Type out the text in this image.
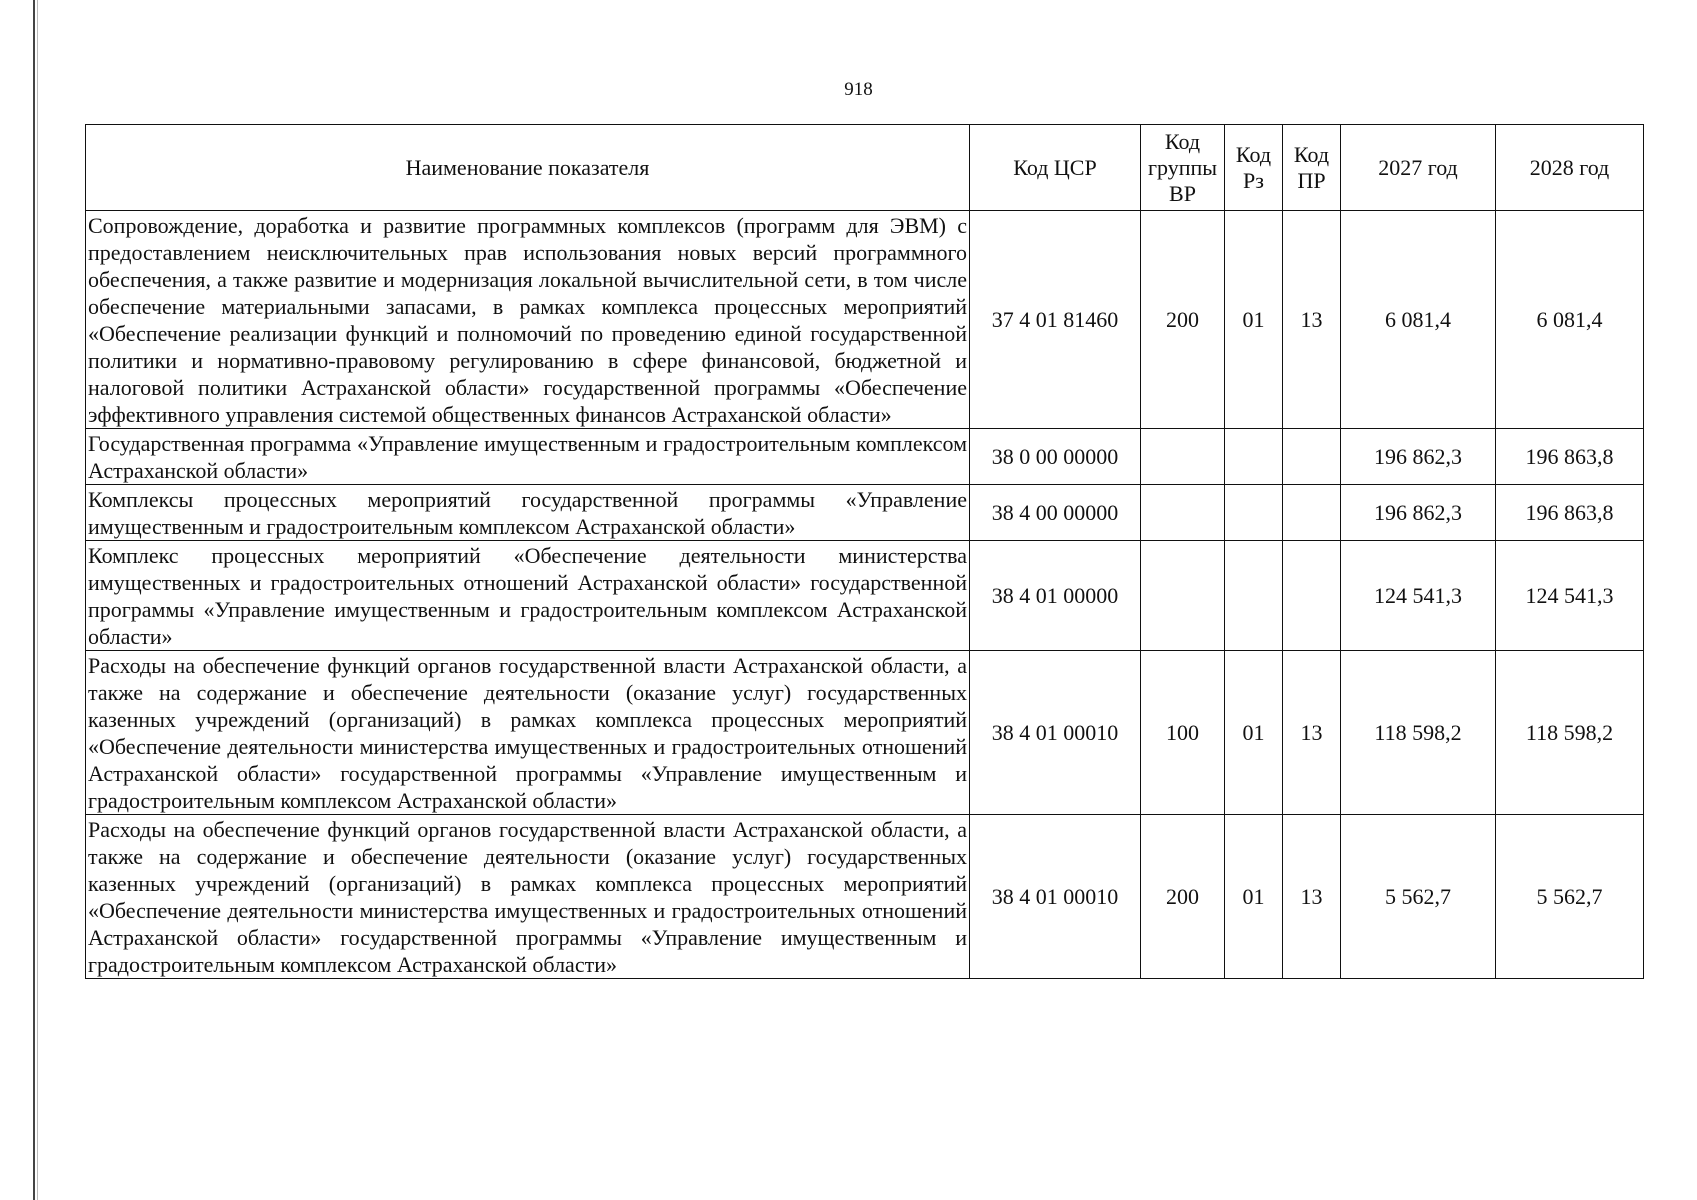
918
Наименование показателя	Код ЦСР	Код группы ВР	Код Рз	Код ПР	2027 год	2028 год
Сопровождение, доработка и развитие программных комплексов (программ для ЭВМ) с предоставлением неисключительных прав использования новых версий программного обеспечения, а также развитие и модернизация локальной вычислительной сети, в том числе обеспечение материальными запасами, в рамках комплекса процессных мероприятий «Обеспечение реализации функций и полномочий по проведению единой государственной политики и нормативно-правовому регулированию в сфере финансовой, бюджетной и налоговой политики Астраханской области» государственной программы «Обеспечение эффективного управления системой общественных финансов Астраханской области»	37 4 01 81460	200	01	13	6 081,4	6 081,4
Государственная программа «Управление имущественным и градостроительным комплексом Астраханской области»	38 0 00 00000				196 862,3	196 863,8
Комплексы процессных мероприятий государственной программы «Управление имущественным и градостроительным комплексом Астраханской области»	38 4 00 00000				196 862,3	196 863,8
Комплекс процессных мероприятий «Обеспечение деятельности министерства имущественных и градостроительных отношений Астраханской области» государственной программы «Управление имущественным и градостроительным комплексом Астраханской области»	38 4 01 00000				124 541,3	124 541,3
Расходы на обеспечение функций органов государственной власти Астраханской области, а также на содержание и обеспечение деятельности (оказание услуг) государственных казенных учреждений (организаций) в рамках комплекса процессных мероприятий «Обеспечение деятельности министерства имущественных и градостроительных отношений Астраханской области» государственной программы «Управление имущественным и градостроительным комплексом Астраханской области»	38 4 01 00010	100	01	13	118 598,2	118 598,2
Расходы на обеспечение функций органов государственной власти Астраханской области, а также на содержание и обеспечение деятельности (оказание услуг) государственных казенных учреждений (организаций) в рамках комплекса процессных мероприятий «Обеспечение деятельности министерства имущественных и градостроительных отношений Астраханской области» государственной программы «Управление имущественным и градостроительным комплексом Астраханской области»	38 4 01 00010	200	01	13	5 562,7	5 562,7
